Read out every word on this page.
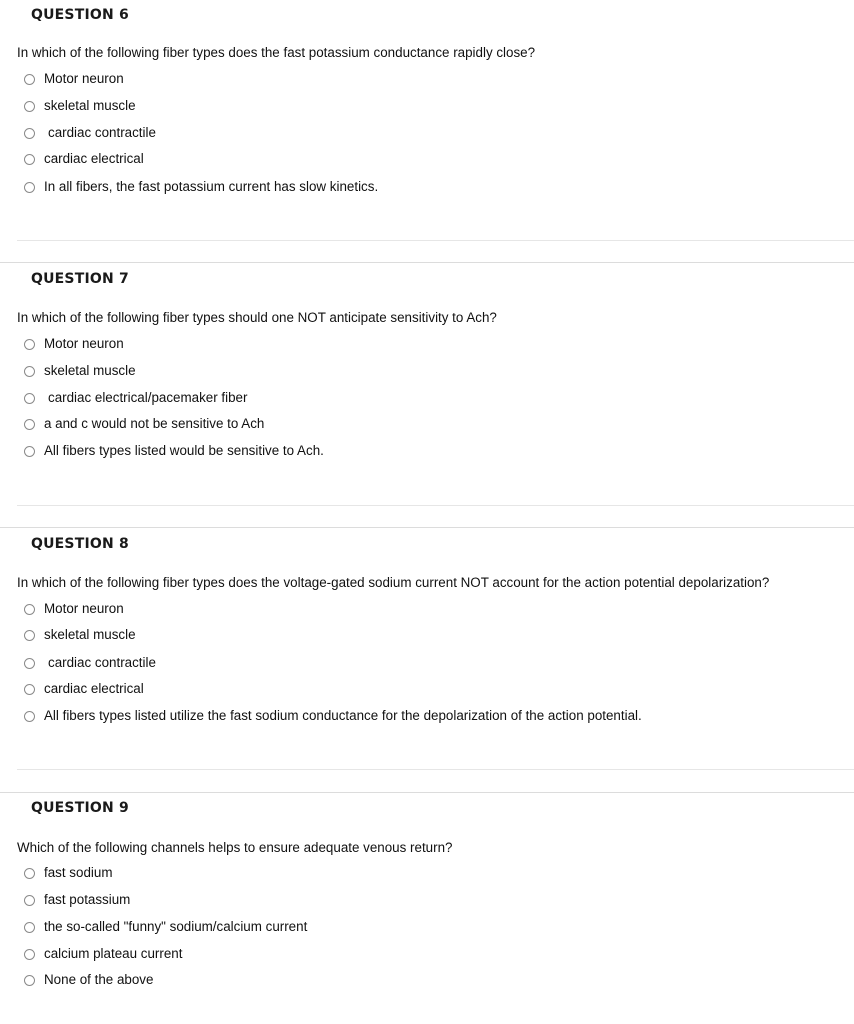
QUESTION 6

In which of the following fiber types does the fast potassium conductance rapidly close?

Motor neuron
skeletal muscle
cardiac contractile
cardiac electrical
In all fibers, the fast potassium current has slow kinetics.
QUESTION 7

In which of the following fiber types should one NOT anticipate sensitivity to Ach?

Motor neuron
skeletal muscle
cardiac electrical/pacemaker fiber
a and c would not be sensitive to Ach
All fibers types listed would be sensitive to Ach.
QUESTION 8

In which of the following fiber types does the voltage-gated sodium current NOT account for the action potential depolarization?

Motor neuron
skeletal muscle
cardiac contractile
cardiac electrical
All fibers types listed utilize the fast sodium conductance for the depolarization of the action potential.
QUESTION 9

Which of the following channels helps to ensure adequate venous return?

fast sodium
fast potassium
the so-called "funny" sodium/calcium current
calcium plateau current
None of the above
